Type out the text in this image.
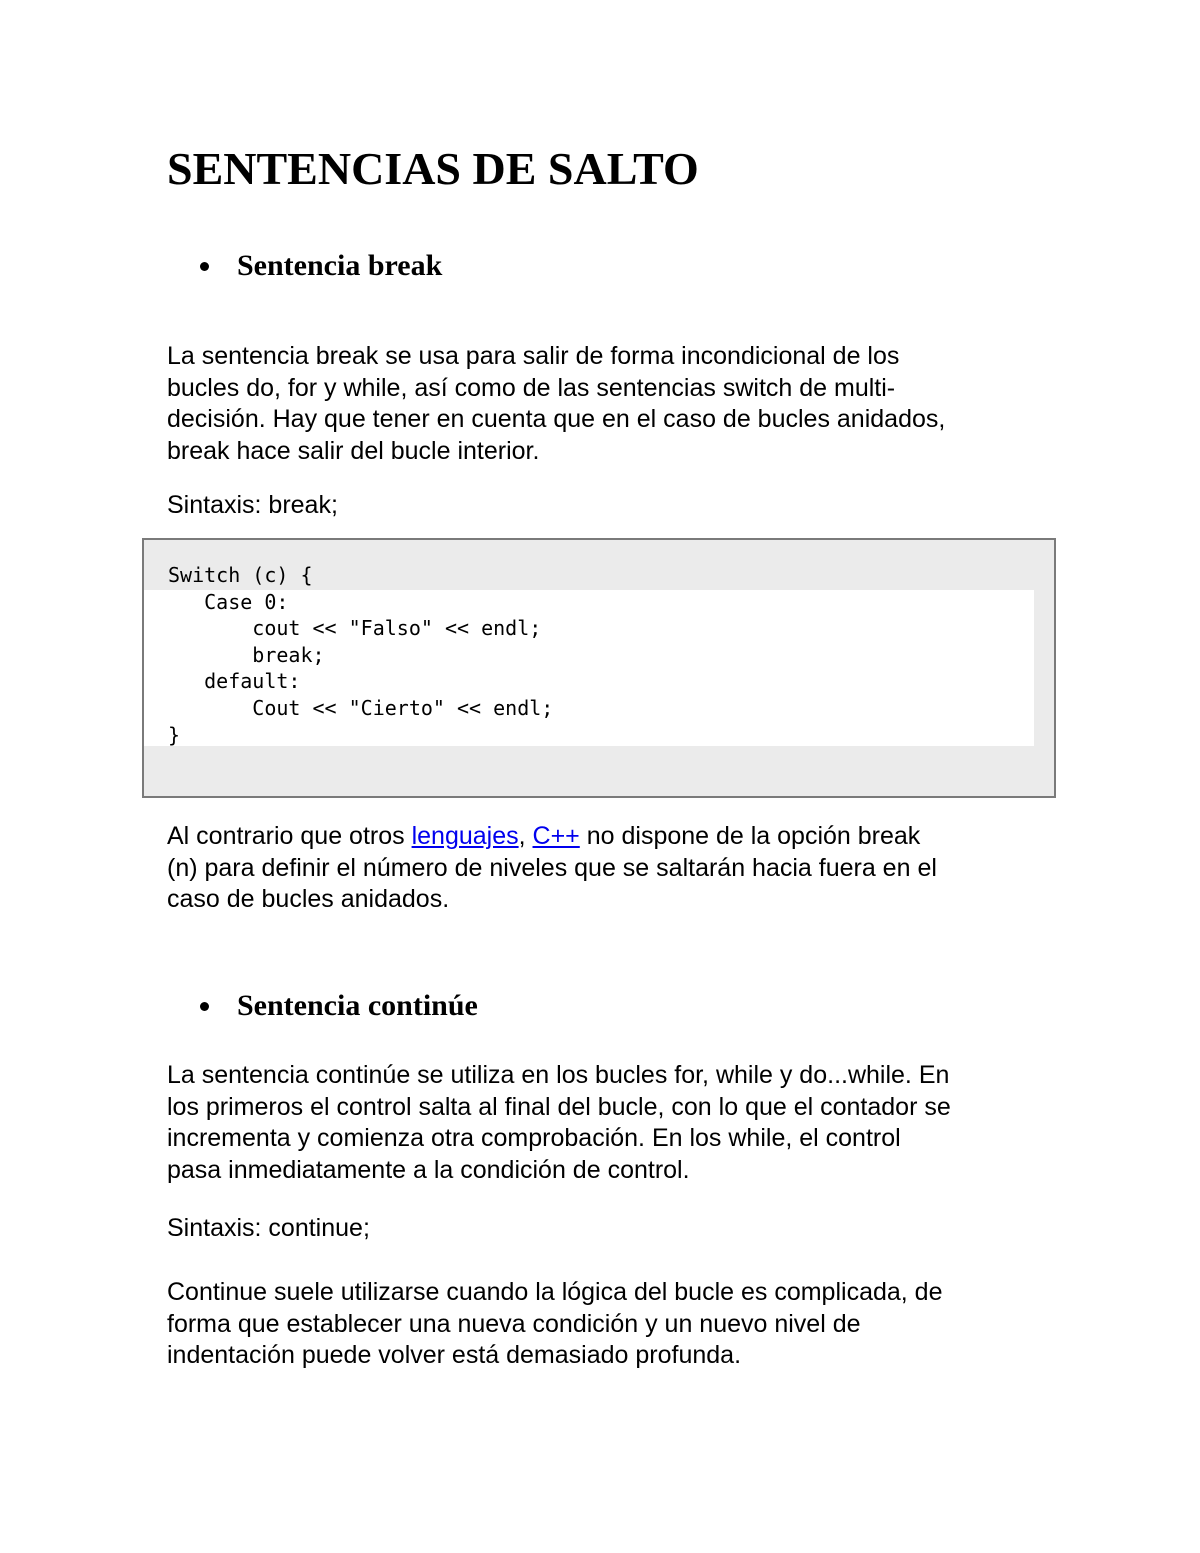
SENTENCIAS DE SALTO
Sentencia break

La sentencia break se usa para salir de forma incondicional de los
bucles do, for y while, así como de las sentencias switch de multi-
decisión. Hay que tener en cuenta que en el caso de bucles anidados,
break hace salir del bucle interior.

Sintaxis: break;

Switch (c) {
Case 0:
cout << "Falso" << endl;
break;
default:
Cout << "Cierto" << endl;
}

Al contrario que otros lenguajes, C++ no dispone de la opción break
(n) para definir el número de niveles que se saltarán hacia fuera en el
caso de bucles anidados.

Sentencia continúe

La sentencia continúe se utiliza en los bucles for, while y do...while. En
los primeros el control salta al final del bucle, con lo que el contador se
incrementa y comienza otra comprobación. En los while, el control
pasa inmediatamente a la condición de control.

Sintaxis: continue;

Continue suele utilizarse cuando la lógica del bucle es complicada, de
forma que establecer una nueva condición y un nuevo nivel de
indentación puede volver está demasiado profunda.
